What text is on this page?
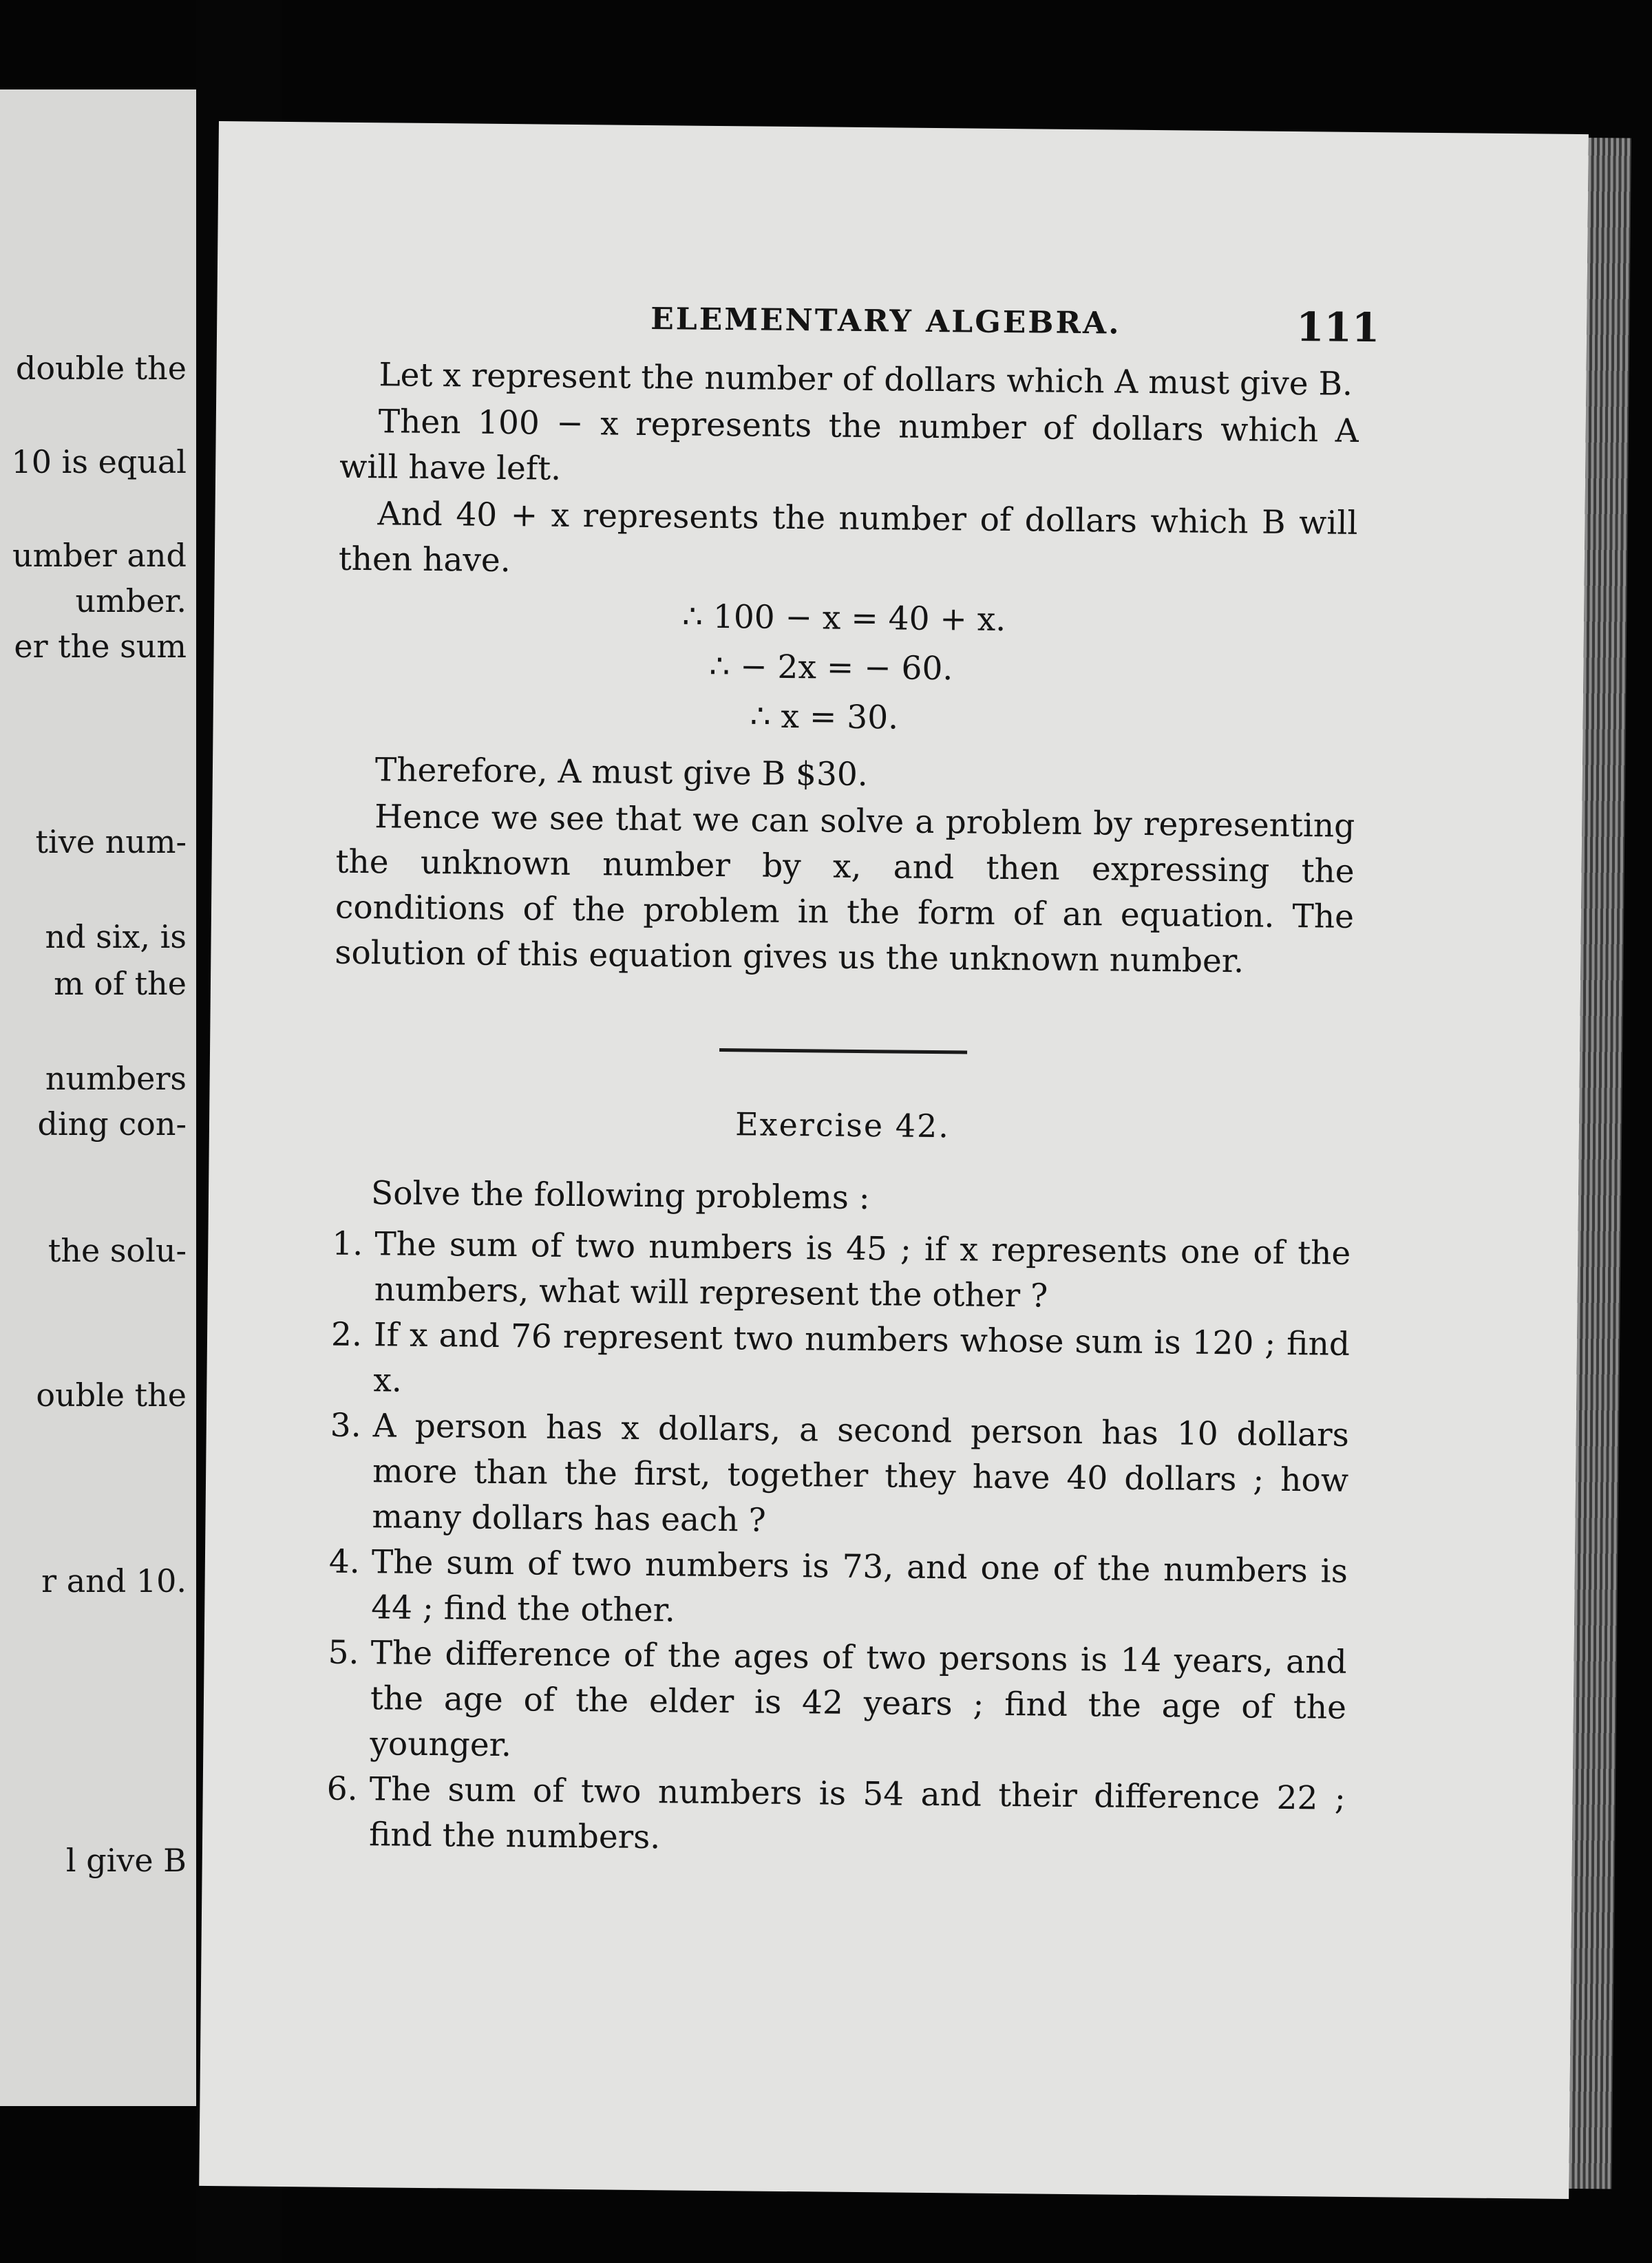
double the
10 is equal
umber and
umber.
er the sum
tive num-
nd six, is
m of the
numbers
ding con-
the solu-
ouble the
r and 10.
l give B
ELEMENTARY ALGEBRA.	111

Let x represent the number of dollars which A must give B.

Then 100 − x represents the number of dollars which A will have left.

And 40 + x represents the number of dollars which B will then have.

∴ 100 − x = 40 + x.
∴ − 2x = − 60.
∴ x = 30.

Therefore, A must give B $30.

Hence we see that we can solve a problem by representing the unknown number by x, and then expressing the conditions of the problem in the form of an equation. The solution of this equation gives us the unknown number.

Exercise 42.
Solve the following problems :
1. The sum of two numbers is 45 ; if x represents one of the numbers, what will represent the other ?
2. If x and 76 represent two numbers whose sum is 120 ; find x.
3. A person has x dollars, a second person has 10 dollars more than the first, together they have 40 dollars ; how many dollars has each ?
4. The sum of two numbers is 73, and one of the numbers is 44 ; find the other.
5. The difference of the ages of two persons is 14 years, and the age of the elder is 42 years ; find the age of the younger.
6. The sum of two numbers is 54 and their difference 22 ; find the numbers.
